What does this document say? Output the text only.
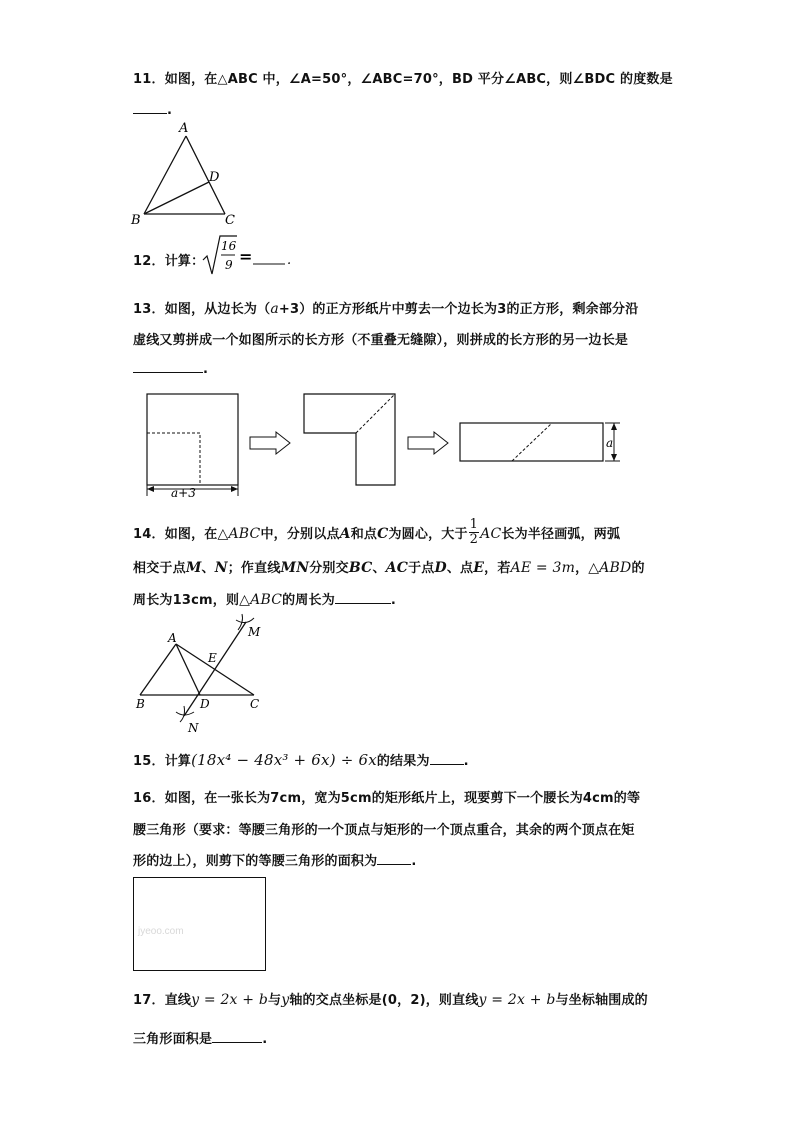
11．如图，在△ABC 中，∠A=50°，∠ABC=70°，BD 平分∠ABC，则∠BDC 的度数是
.
A
B	C
D
12．计算：
16
9 =	.
13．如图，从边长为（a+3）的正方形纸片中剪去一个边长为3的正方形，剩余部分沿
虚线又剪拼成一个如图所示的长方形（不重叠无缝隙），则拼成的长方形的另一边长是
.
a+3
a
14．如图，在△ABC中，分别以点A和点C为圆心，大于 $\frac{1}{2}$ AC长为半径画弧，两弧
相交于点M、N；作直线MN分别交BC、AC于点D、点E，若AE = 3m，△ABD的
周长为13cm，则△ABC的周长为	.
A
B	C
D
E
M
N
15．计算(18x⁴ − 48x³ + 6x) ÷ 6x的结果为	.
16．如图，在一张长为7cm，宽为5cm的矩形纸片上，现要剪下一个腰长为4cm的等
腰三角形（要求：等腰三角形的一个顶点与矩形的一个顶点重合，其余的两个顶点在矩
形的边上），则剪下的等腰三角形的面积为	.
jyeoo.com
17．直线y = 2x + b与y轴的交点坐标是(0，2)，则直线y = 2x + b与坐标轴围成的
三角形面积是	.
